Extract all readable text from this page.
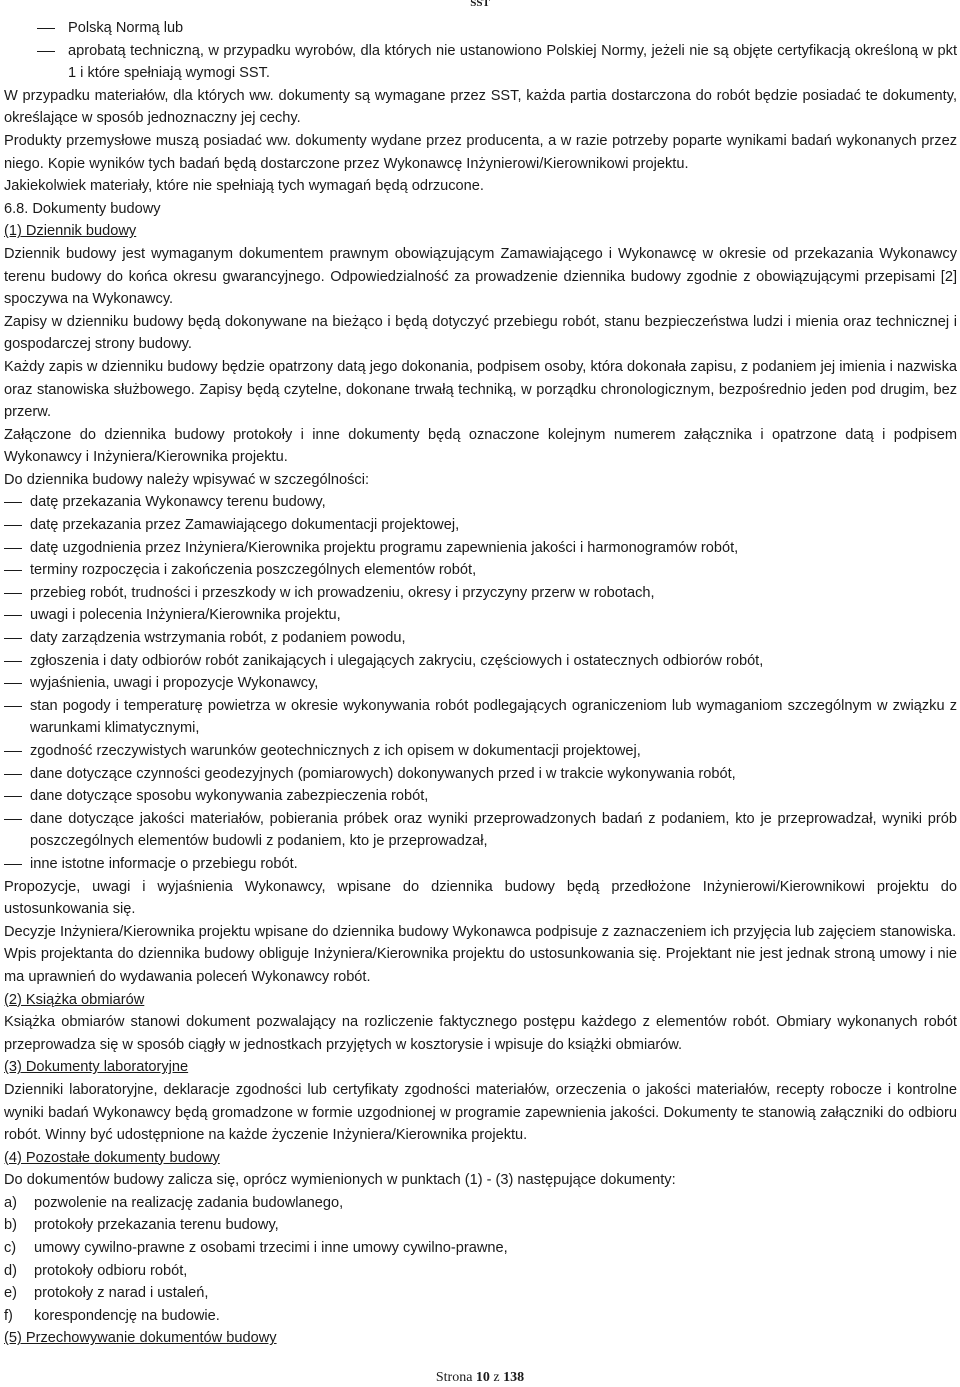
SST

Polską Normą lub

aprobatą techniczną, w przypadku wyrobów, dla których nie ustanowiono Polskiej Normy, jeżeli nie są objęte certyfikacją określoną w pkt 1 i które spełniają wymogi SST.

W przypadku materiałów, dla których ww. dokumenty są wymagane przez SST, każda partia dostarczona do robót będzie posiadać te dokumenty, określające w sposób jednoznaczny jej cechy.

Produkty przemysłowe muszą posiadać ww. dokumenty wydane przez producenta, a w razie potrzeby poparte wynikami badań wykonanych przez niego. Kopie wyników tych badań będą dostarczone przez Wykonawcę Inżynierowi/Kierownikowi projektu.

Jakiekolwiek materiały, które nie spełniają tych wymagań będą odrzucone.

6.8. Dokumenty budowy

(1) Dziennik budowy

Dziennik budowy jest wymaganym dokumentem prawnym obowiązującym Zamawiającego i Wykonawcę w okresie od przekazania Wykonawcy terenu budowy do końca okresu gwarancyjnego. Odpowiedzialność za prowadzenie dziennika budowy zgodnie z obowiązującymi przepisami [2] spoczywa na Wykonawcy.

Zapisy w dzienniku budowy będą dokonywane na bieżąco i będą dotyczyć przebiegu robót, stanu bezpieczeństwa ludzi i mienia oraz technicznej i gospodarczej strony budowy.

Każdy zapis w dzienniku budowy będzie opatrzony datą jego dokonania, podpisem osoby, która dokonała zapisu, z podaniem jej imienia i nazwiska oraz stanowiska służbowego. Zapisy będą czytelne, dokonane trwałą techniką, w porządku chronologicznym, bezpośrednio jeden pod drugim, bez przerw.

Załączone do dziennika budowy protokoły i inne dokumenty będą oznaczone kolejnym numerem załącznika i opatrzone datą i podpisem Wykonawcy i Inżyniera/Kierownika projektu.

Do dziennika budowy należy wpisywać w szczególności:

datę przekazania Wykonawcy terenu budowy,

datę przekazania przez Zamawiającego dokumentacji projektowej,

datę uzgodnienia przez Inżyniera/Kierownika projektu programu zapewnienia jakości i harmonogramów robót,

terminy rozpoczęcia i zakończenia poszczególnych elementów robót,

przebieg robót, trudności i przeszkody w ich prowadzeniu, okresy i przyczyny przerw w robotach,

uwagi i polecenia Inżyniera/Kierownika projektu,

daty zarządzenia wstrzymania robót, z podaniem powodu,

zgłoszenia i daty odbiorów robót zanikających i ulegających zakryciu, częściowych i ostatecznych odbiorów robót,

wyjaśnienia, uwagi i propozycje Wykonawcy,

stan pogody i temperaturę powietrza w okresie wykonywania robót podlegających ograniczeniom lub wymaganiom szczególnym w związku z warunkami klimatycznymi,

zgodność rzeczywistych warunków geotechnicznych z ich opisem w dokumentacji projektowej,

dane dotyczące czynności geodezyjnych (pomiarowych) dokonywanych przed i w trakcie wykonywania robót,

dane dotyczące sposobu wykonywania zabezpieczenia robót,

dane dotyczące jakości materiałów, pobierania próbek oraz wyniki przeprowadzonych badań z podaniem, kto je przeprowadzał, wyniki prób poszczególnych elementów budowli z podaniem, kto je przeprowadzał,

inne istotne informacje o przebiegu robót.

Propozycje, uwagi i wyjaśnienia Wykonawcy, wpisane do dziennika budowy będą przedłożone Inżynierowi/Kierownikowi projektu do ustosunkowania się.

Decyzje Inżyniera/Kierownika projektu wpisane do dziennika budowy Wykonawca podpisuje z zaznaczeniem ich przyjęcia lub zajęciem stanowiska.

Wpis projektanta do dziennika budowy obliguje Inżyniera/Kierownika projektu do ustosunkowania się. Projektant nie jest jednak stroną umowy i nie ma uprawnień do wydawania poleceń Wykonawcy robót.

(2) Książka obmiarów

Książka obmiarów stanowi dokument pozwalający na rozliczenie faktycznego postępu każdego z elementów robót. Obmiary wykonanych robót przeprowadza się w sposób ciągły w jednostkach przyjętych w kosztorysie i wpisuje do książki obmiarów.

(3) Dokumenty laboratoryjne

Dzienniki laboratoryjne, deklaracje zgodności lub certyfikaty zgodności materiałów, orzeczenia o jakości materiałów, recepty robocze i kontrolne wyniki badań Wykonawcy będą gromadzone w formie uzgodnionej w programie zapewnienia jakości. Dokumenty te stanowią załączniki do odbioru robót. Winny być udostępnione na każde życzenie Inżyniera/Kierownika projektu.

(4) Pozostałe dokumenty budowy

Do dokumentów budowy zalicza się, oprócz wymienionych w punktach (1) - (3) następujące dokumenty:

a) pozwolenie na realizację zadania budowlanego,

b) protokoły przekazania terenu budowy,

c) umowy cywilno-prawne z osobami trzecimi i inne umowy cywilno-prawne,

d) protokoły odbioru robót,

e) protokoły z narad i ustaleń,

f) korespondencję na budowie.

(5) Przechowywanie dokumentów budowy

Strona 10 z 138
